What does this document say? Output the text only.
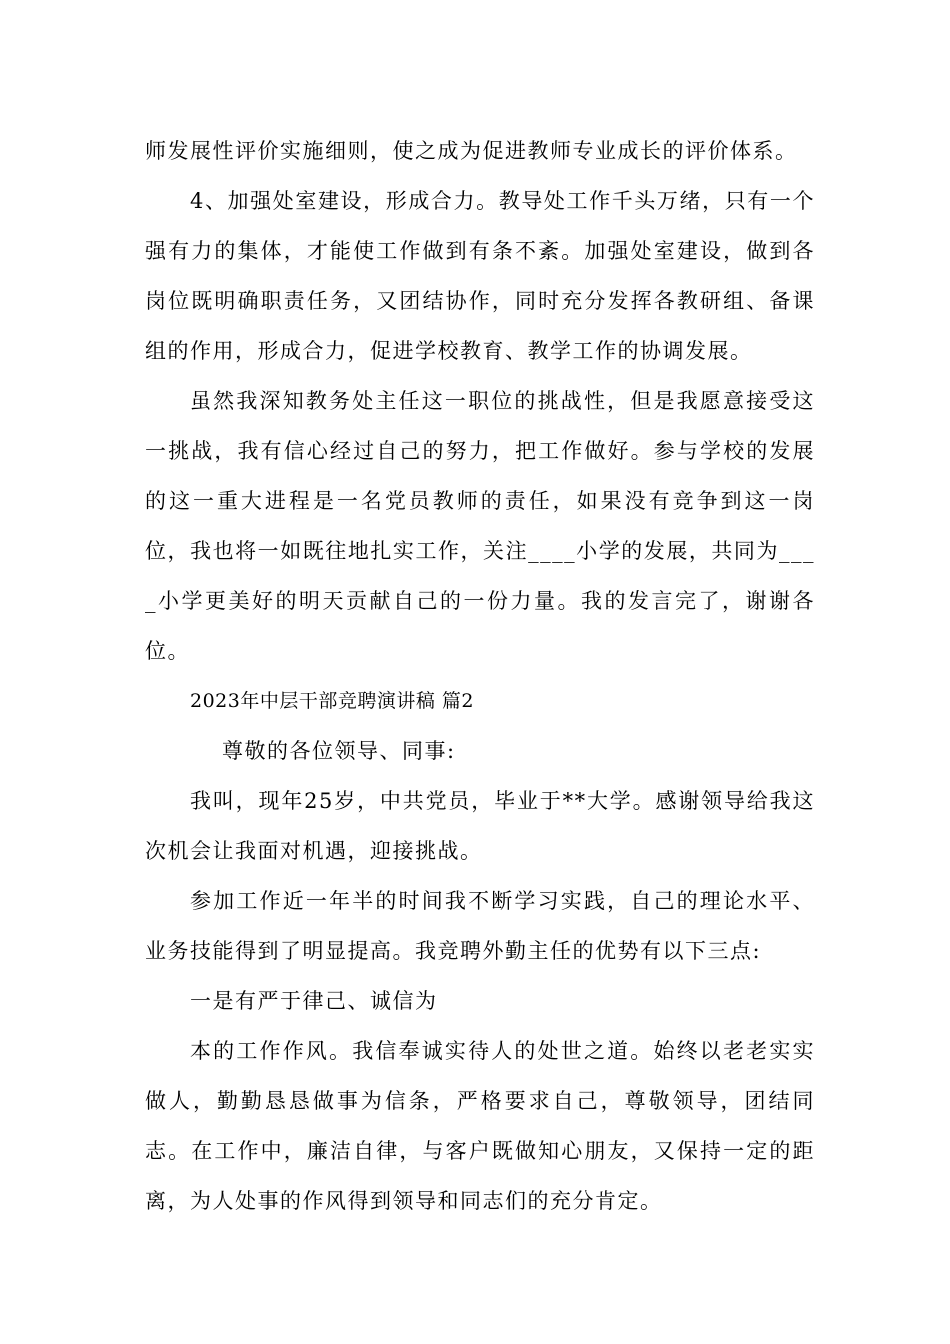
师发展性评价实施细则，使之成为促进教师专业成长的评价体系。
4、加强处室建设，形成合力。教导处工作千头万绪，只有一个
强有力的集体，才能使工作做到有条不紊。加强处室建设，做到各
岗位既明确职责任务，又团结协作，同时充分发挥各教研组、备课
组的作用，形成合力，促进学校教育、教学工作的协调发展。
虽然我深知教务处主任这一职位的挑战性，但是我愿意接受这
一挑战，我有信心经过自己的努力，把工作做好。参与学校的发展
的这一重大进程是一名党员教师的责任，如果没有竞争到这一岗
位，我也将一如既往地扎实工作，关注____小学的发展，共同为___
_小学更美好的明天贡献自己的一份力量。我的发言完了，谢谢各
位。
2023年中层干部竞聘演讲稿 篇2
尊敬的各位领导、同事:
我叫，现年25岁，中共党员，毕业于**大学。感谢领导给我这
次机会让我面对机遇，迎接挑战。
参加工作近一年半的时间我不断学习实践，自己的理论水平、
业务技能得到了明显提高。我竞聘外勤主任的优势有以下三点:
一是有严于律己、诚信为
本的工作作风。我信奉诚实待人的处世之道。始终以老老实实
做人，勤勤恳恳做事为信条，严格要求自己，尊敬领导，团结同
志。在工作中，廉洁自律，与客户既做知心朋友，又保持一定的距
离，为人处事的作风得到领导和同志们的充分肯定。
